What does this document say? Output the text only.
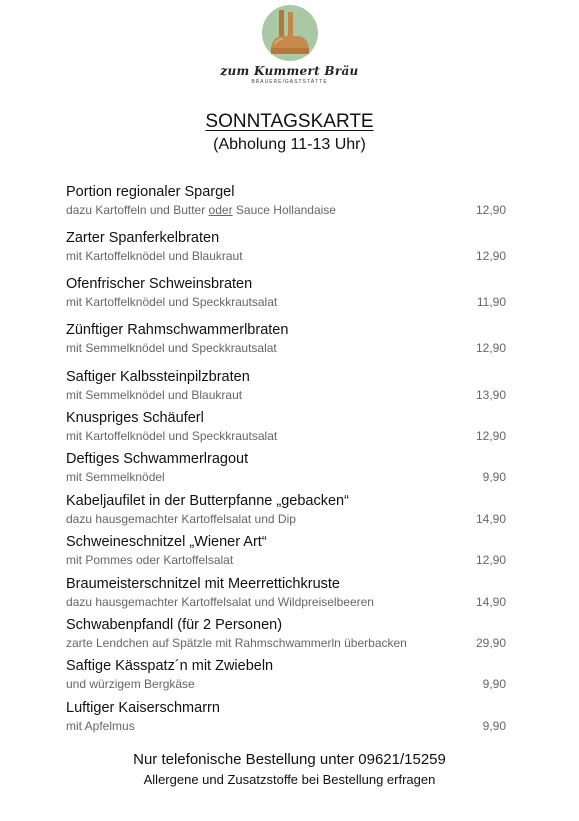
zum Kummert Bräu
BRAUEREIGASTSTÄTTE
SONNTAGSKARTE
(Abholung 11-13 Uhr)
Portion regionaler Spargel
dazu Kartoffeln und Butter oder Sauce Hollandaise	12,90
Zarter Spanferkelbraten
mit Kartoffelknödel und Blaukraut	12,90
Ofenfrischer Schweinsbraten
mit Kartoffelknödel und Speckkrautsalat	11,90
Zünftiger Rahmschwammerlbraten
mit Semmelknödel und Speckkrautsalat	12,90
Saftiger Kalbssteinpilzbraten
mit Semmelknödel und Blaukraut	13,90
Knuspriges Schäuferl
mit Kartoffelknödel und Speckkrautsalat	12,90
Deftiges Schwammerlragout
mit Semmelknödel	9,90
Kabeljaufilet in der Butterpfanne „gebacken“
dazu hausgemachter Kartoffelsalat und Dip	14,90
Schweineschnitzel „Wiener Art“
mit Pommes oder Kartoffelsalat	12,90
Braumeisterschnitzel mit Meerrettichkruste
dazu hausgemachter Kartoffelsalat und Wildpreiselbeeren	14,90
Schwabenpfandl (für 2 Personen)
zarte Lendchen auf Spätzle mit Rahmschwammerln überbacken	29,90
Saftige Kässpatz´n mit Zwiebeln
und würzigem Bergkäse	9,90
Luftiger Kaiserschmarrn
mit Apfelmus	9,90
Nur telefonische Bestellung unter 09621/15259
Allergene und Zusatzstoffe bei Bestellung erfragen
